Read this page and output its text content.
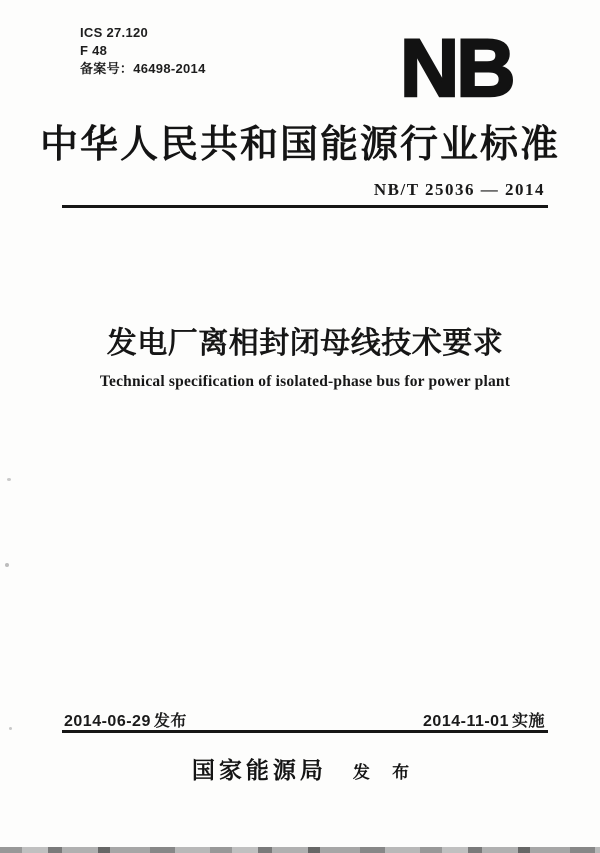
ICS 27.120
F 48
备案号：46498-2014 NB
中华人民共和国能源行业标准
NB/T 25036 — 2014
发电厂离相封闭母线技术要求
Technical specification of isolated-phase bus for power plant
2014-06-29 发布	2014-11-01 实施
国家能源局 发 布
